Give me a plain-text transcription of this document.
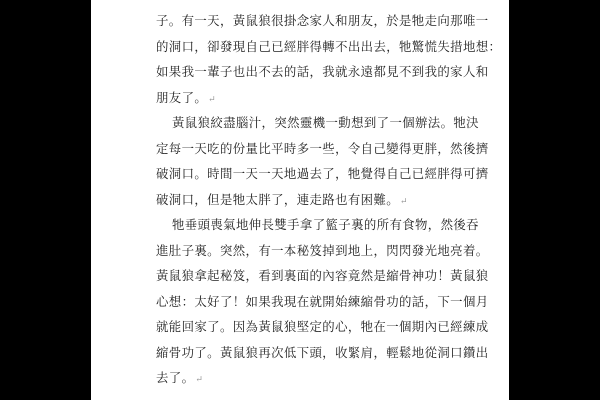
子。有一天，黃鼠狼很掛念家人和朋友，於是牠走向那唯一
的洞口，卻發現自己已經胖得轉不出出去，牠驚慌失措地想：
如果我一輩子也出不去的話，我就永遠都見不到我的家人和
朋友了。↵
黃鼠狼絞盡腦汁，突然靈機一動想到了一個辦法。牠決
定每一天吃的份量比平時多一些，令自己變得更胖，然後擠
破洞口。時間一天一天地過去了，牠覺得自己已經胖得可擠
破洞口，但是牠太胖了，連走路也有困難。↵
牠垂頭喪氣地伸長雙手拿了籃子裏的所有食物，然後吞
進肚子裏。突然，有一本秘笈掉到地上，閃閃發光地亮着。
黃鼠狼拿起秘笈，看到裏面的內容竟然是縮骨神功！黃鼠狼
心想：太好了！如果我現在就開始練縮骨功的話，下一個月
就能回家了。因為黃鼠狼堅定的心，牠在一個期內已經練成
縮骨功了。黃鼠狼再次低下頭，收緊肩，輕鬆地從洞口鑽出
去了。↵
